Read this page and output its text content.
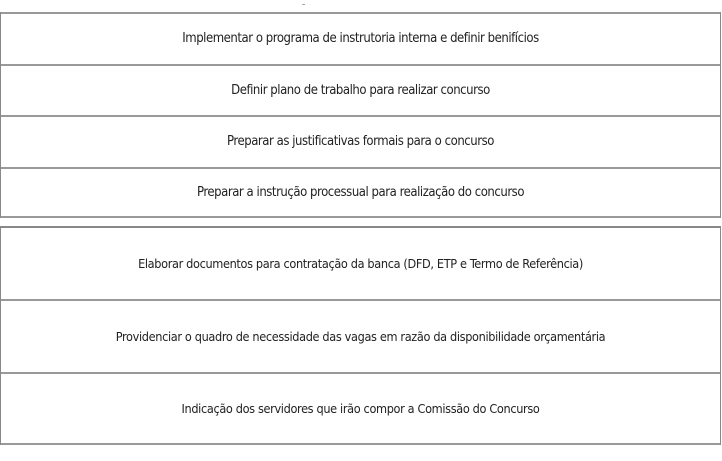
Implementar o programa de instrutoria interna e definir benifícios
Definir plano de trabalho para realizar concurso
Preparar as justificativas formais para o concurso
Preparar a instrução processual para realização do concurso
Elaborar documentos para contratação da banca (DFD, ETP e Termo de Referência)
Providenciar o quadro de necessidade das vagas em razão da disponibilidade orçamentária
Indicação dos servidores que irão compor a Comissão do Concurso
